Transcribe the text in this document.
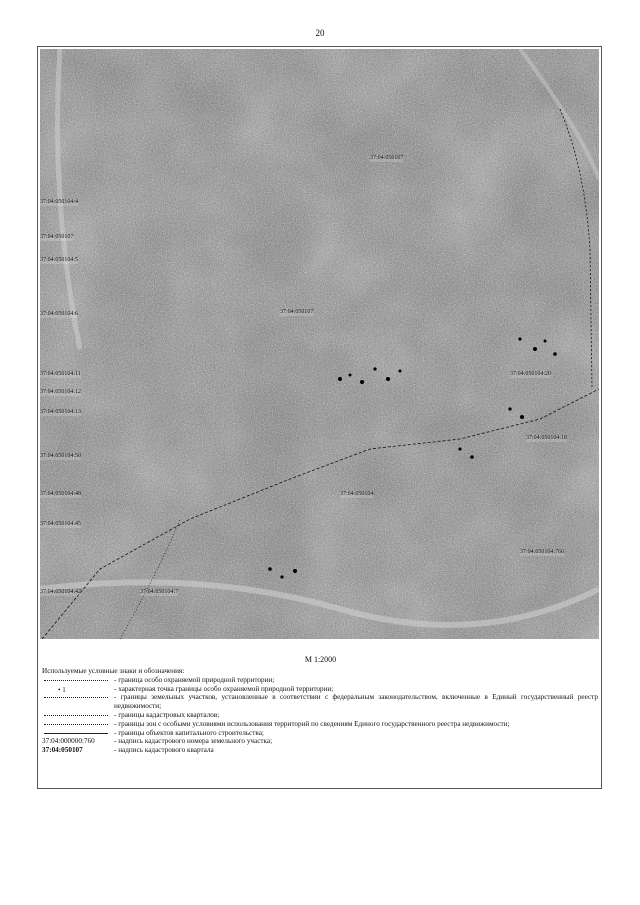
20
37:04:050107
37:04:050107
37:04:050104
37:04:050107
37:04:050104:4
37:04:050104:5
37:04:050104:6
37:04:050104:11
37:04:050104:12
37:04:050104:13
37:04:050104:50
37:04:050104:48
37:04:050104:45
37:04:050104:42
37:04:050104:20
37:04:050104:18
37:04:050104:760
37:04:050104:7
М 1:2000
Используемые условные знаки и обозначения:
- граница особо охраняемой природной территории;
• 1	- характерная точка границы особо охраняемой природной территории;
- границы земельных участков, установленные в соответствии с федеральным законодательством, включенные в Единый государственный реестр недвижимости;
- границы кадастровых кварталов;
- границы зон с особыми условиями использования территорий по сведениям Единого государственного реестра недвижимости;
- границы объектов капитального строительства;
37:04:000000:760	- надпись кадастрового номера земельного участка;
37:04:050107	- надпись кадастрового квартала
